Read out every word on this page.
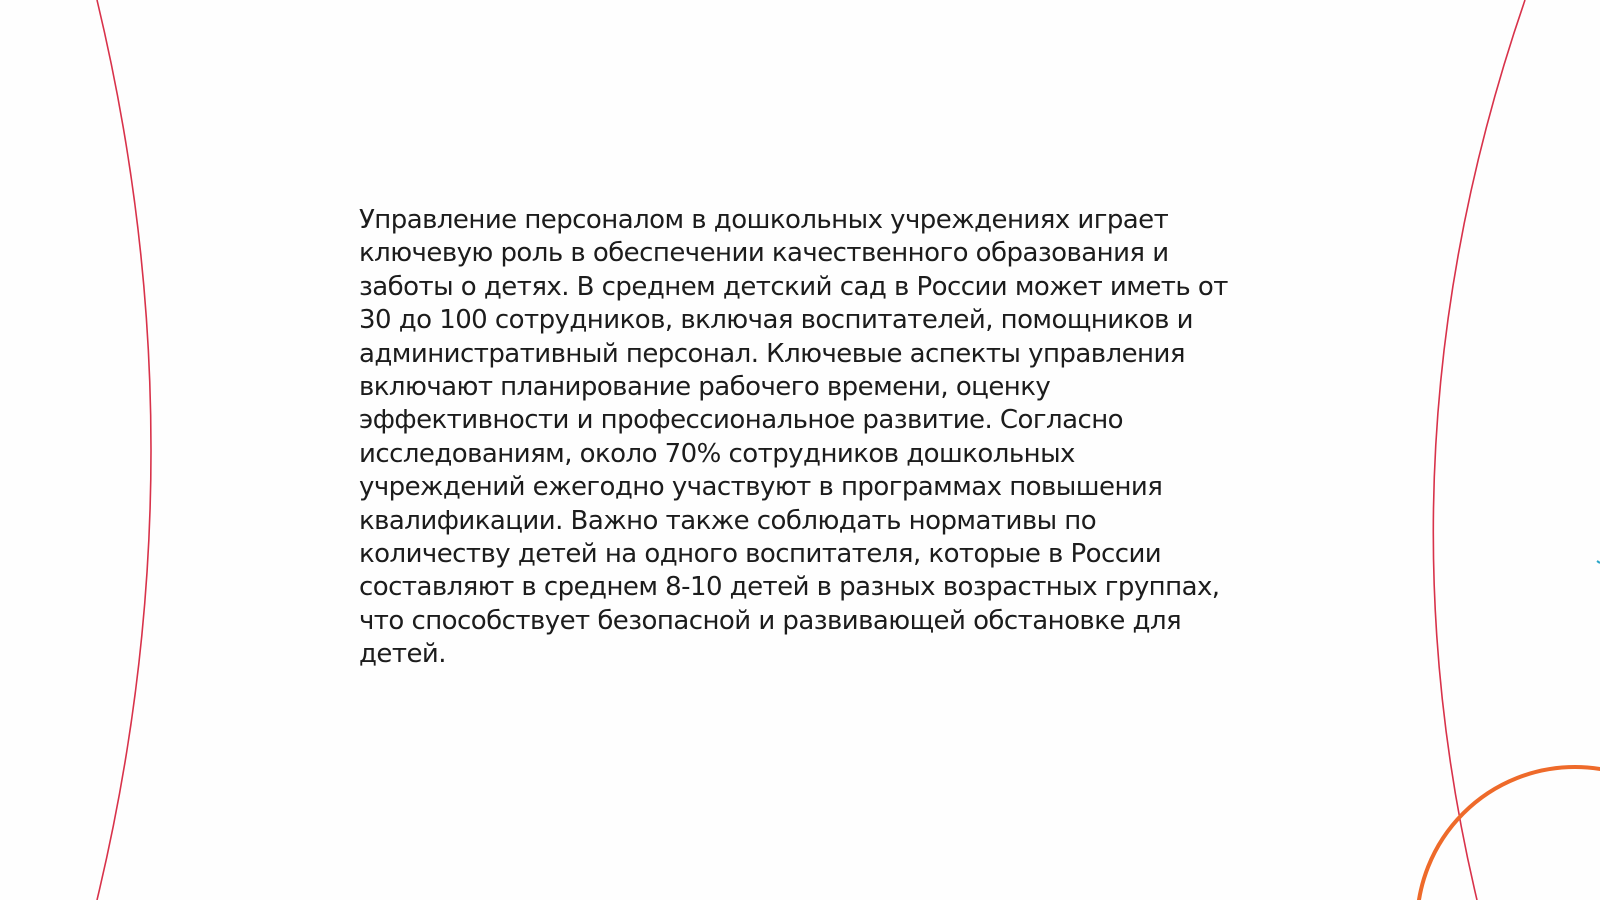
Управление персоналом в дошкольных учреждениях играет
ключевую роль в обеспечении качественного образования и
заботы о детях. В среднем детский сад в России может иметь от
30 до 100 сотрудников, включая воспитателей, помощников и
административный персонал. Ключевые аспекты управления
включают планирование рабочего времени, оценку
эффективности и профессиональное развитие. Согласно
исследованиям, около 70% сотрудников дошкольных
учреждений ежегодно участвуют в программах повышения
квалификации. Важно также соблюдать нормативы по
количеству детей на одного воспитателя, которые в России
составляют в среднем 8-10 детей в разных возрастных группах,
что способствует безопасной и развивающей обстановке для
детей.
